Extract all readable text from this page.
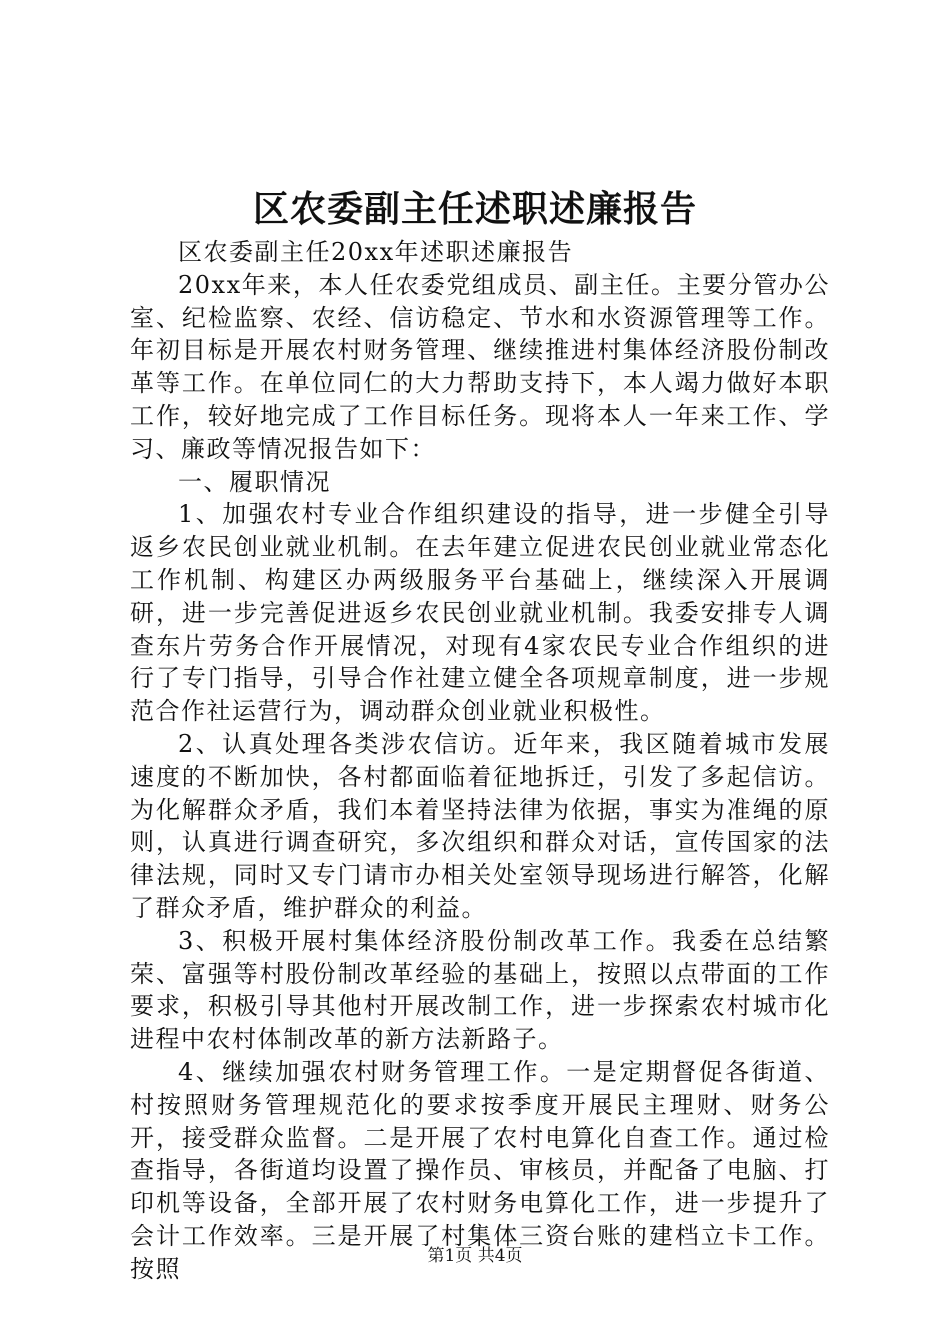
区农委副主任述职述廉报告

区农委副主任20xx年述职述廉报告

20xx年来，本人任农委党组成员、副主任。主要分管办公室、纪检监察、农经、信访稳定、节水和水资源管理等工作。年初目标是开展农村财务管理、继续推进村集体经济股份制改革等工作。在单位同仁的大力帮助支持下，本人竭力做好本职工作，较好地完成了工作目标任务。现将本人一年来工作、学习、廉政等情况报告如下：

一、履职情况

1、加强农村专业合作组织建设的指导，进一步健全引导返乡农民创业就业机制。在去年建立促进农民创业就业常态化工作机制、构建区办两级服务平台基础上，继续深入开展调研，进一步完善促进返乡农民创业就业机制。我委安排专人调查东片劳务合作开展情况，对现有4家农民专业合作组织的进行了专门指导，引导合作社建立健全各项规章制度，进一步规范合作社运营行为，调动群众创业就业积极性。

2、认真处理各类涉农信访。近年来，我区随着城市发展速度的不断加快，各村都面临着征地拆迁，引发了多起信访。为化解群众矛盾，我们本着坚持法律为依据，事实为准绳的原则，认真进行调查研究，多次组织和群众对话，宣传国家的法律法规，同时又专门请市办相关处室领导现场进行解答，化解了群众矛盾，维护群众的利益。

3、积极开展村集体经济股份制改革工作。我委在总结繁荣、富强等村股份制改革经验的基础上，按照以点带面的工作要求，积极引导其他村开展改制工作，进一步探索农村城市化进程中农村体制改革的新方法新路子。

4、继续加强农村财务管理工作。一是定期督促各街道、村按照财务管理规范化的要求按季度开展民主理财、财务公开，接受群众监督。二是开展了农村电算化自查工作。通过检查指导，各街道均设置了操作员、审核员，并配备了电脑、打印机等设备，全部开展了农村财务电算化工作，进一步提升了会计工作效率。三是开展了村集体三资台账的建档立卡工作。按照	第1页 共4页
